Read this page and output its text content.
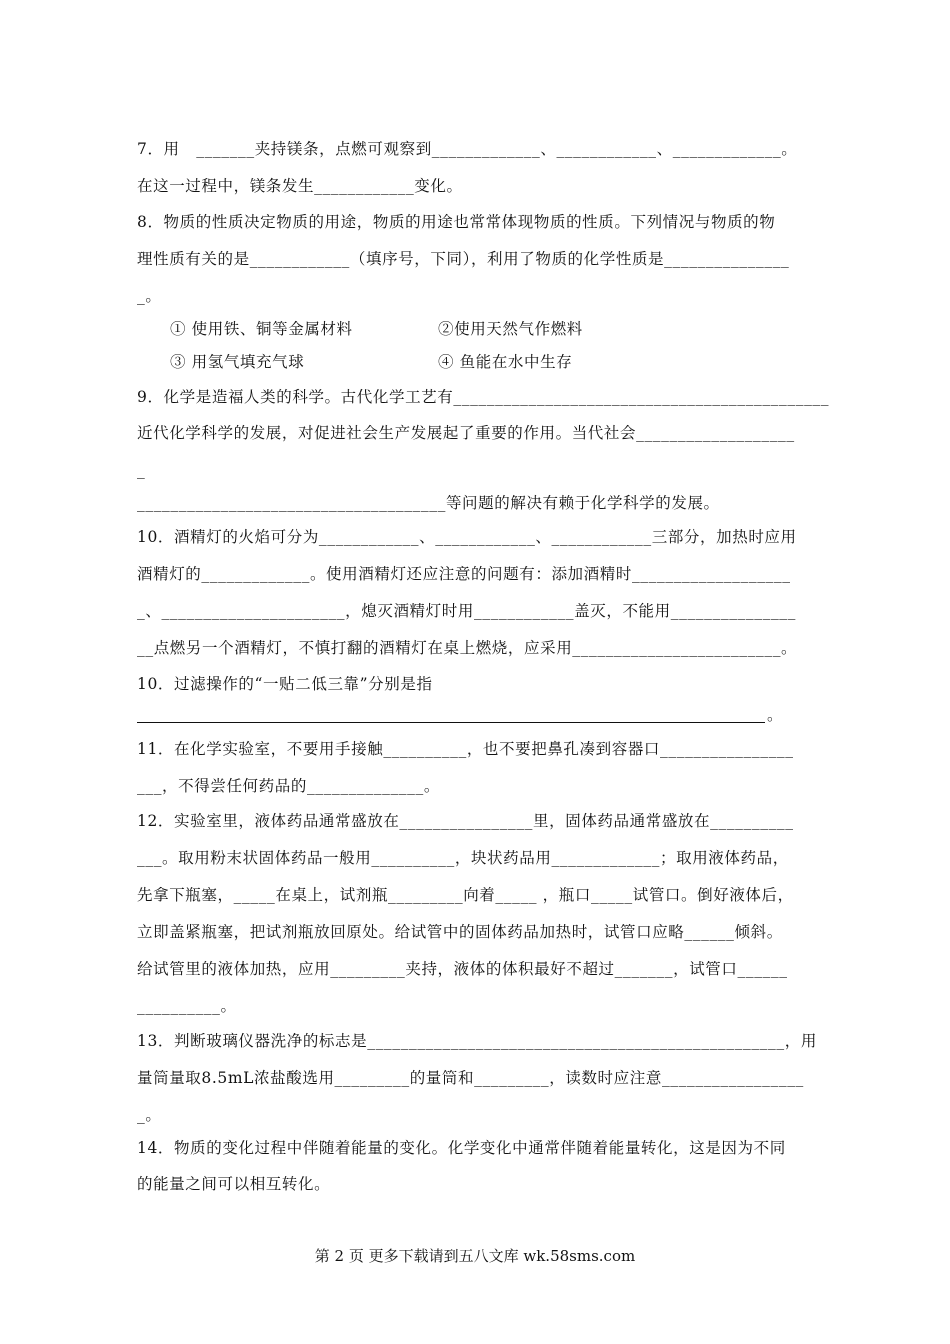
7．用   _______夹持镁条，点燃可观察到_____________、____________、_____________。
在这一过程中，镁条发生____________变化。
8．物质的性质决定物质的用途，物质的用途也常常体现物质的性质。下列情况与物质的物
理性质有关的是____________（填序号，下同），利用了物质的化学性质是_______________
_。
① 使用铁、铜等金属材料	②使用天然气作燃料
③ 用氢气填充气球	④ 鱼能在水中生存
9．化学是造福人类的科学。古代化学工艺有_____________________________________________
近代化学科学的发展，对促进社会生产发展起了重要的作用。当代社会___________________
_
_____________________________________等问题的解决有赖于化学科学的发展。
10．酒精灯的火焰可分为____________、____________、____________三部分，加热时应用
酒精灯的_____________。使用酒精灯还应注意的问题有：添加酒精时___________________
_、______________________，熄灭酒精灯时用____________盖灭，不能用_______________
__点燃另一个酒精灯，不慎打翻的酒精灯在桌上燃烧，应采用_________________________。
10．过滤操作的“一贴二低三靠”分别是指
。
11．在化学实验室，不要用手接触__________，也不要把鼻孔凑到容器口________________
___，不得尝任何药品的______________。
12．实验室里，液体药品通常盛放在________________里，固体药品通常盛放在__________
___。取用粉末状固体药品一般用__________，块状药品用_____________；取用液体药品，
先拿下瓶塞，_____在桌上，试剂瓶_________向着_____ ，瓶口_____试管口。倒好液体后，
立即盖紧瓶塞，把试剂瓶放回原处。给试管中的固体药品加热时，试管口应略______倾斜。
给试管里的液体加热，应用_________夹持，液体的体积最好不超过_______，试管口______
__________。
13．判断玻璃仪器洗净的标志是__________________________________________________，用
量筒量取8.5mL浓盐酸选用_________的量筒和_________，读数时应注意_________________
_。
14．物质的变化过程中伴随着能量的变化。化学变化中通常伴随着能量转化，这是因为不同
的能量之间可以相互转化。
第 2 页 更多下载请到五八文库 wk.58sms.com
